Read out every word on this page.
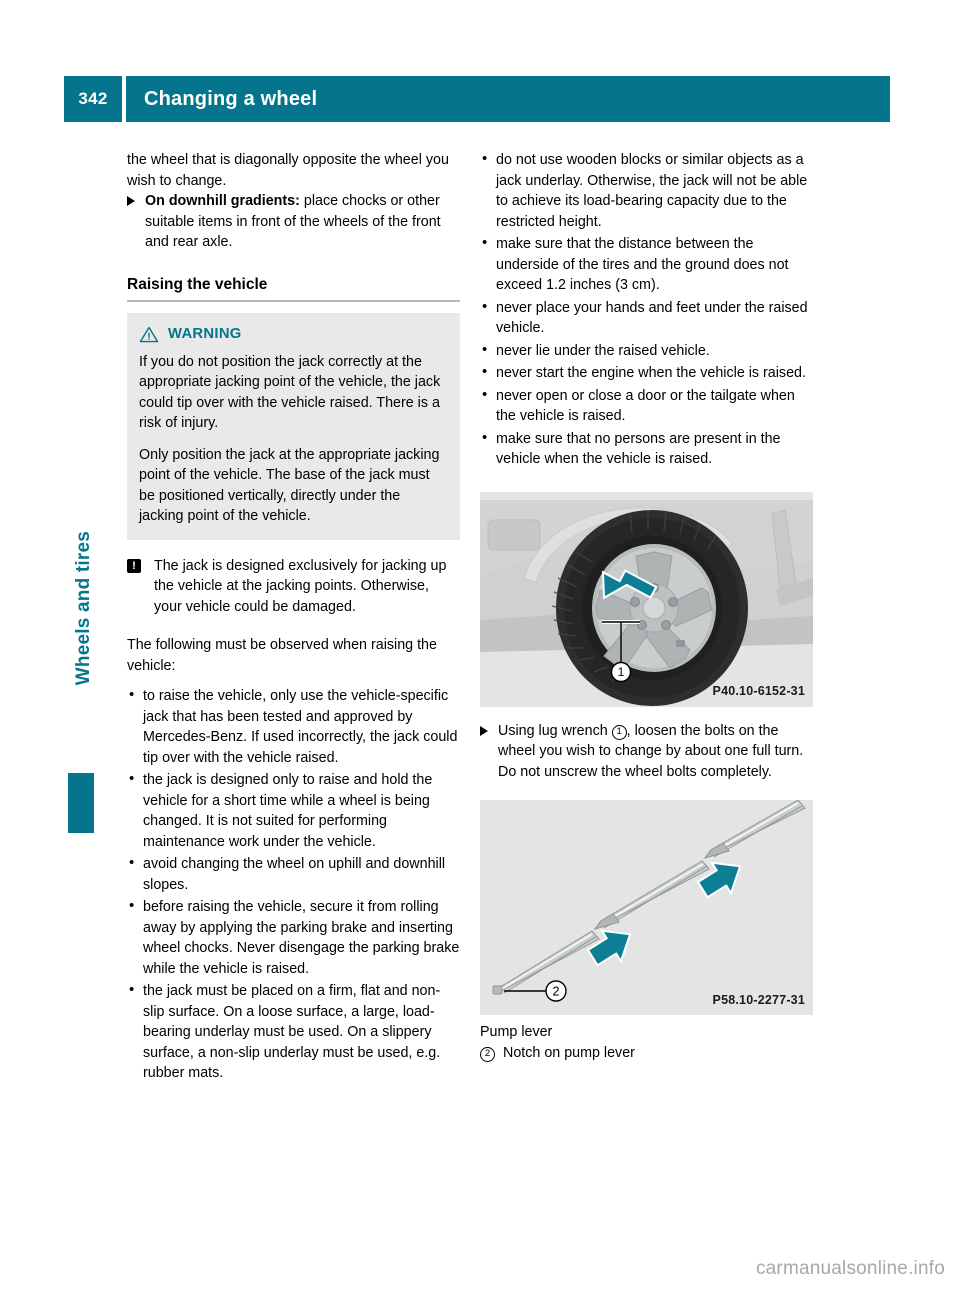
342	Changing a wheel
Wheels and tires

the wheel that is diagonally opposite the wheel you wish to change.

On downhill gradients: place chocks or other suitable items in front of the wheels of the front and rear axle.
Raising the vehicle
WARNING

If you do not position the jack correctly at the appropriate jacking point of the vehicle, the jack could tip over with the vehicle raised. There is a risk of injury.

Only position the jack at the appropriate jacking point of the vehicle. The base of the jack must be positioned vertically, directly under the jacking point of the vehicle.

!	The jack is designed exclusively for jacking up the vehicle at the jacking points. Otherwise, your vehicle could be damaged.

The following must be observed when raising the vehicle:

• to raise the vehicle, only use the vehicle-specific jack that has been tested and approved by Mercedes-Benz. If used incorrectly, the jack could tip over with the vehicle raised.
• the jack is designed only to raise and hold the vehicle for a short time while a wheel is being changed. It is not suited for performing maintenance work under the vehicle.
• avoid changing the wheel on uphill and downhill slopes.
• before raising the vehicle, secure it from rolling away by applying the parking brake and inserting wheel chocks. Never disengage the parking brake while the vehicle is raised.
• the jack must be placed on a firm, flat and non-slip surface. On a loose surface, a large, load-bearing underlay must be used. On a slippery surface, a non-slip underlay must be used, e.g. rubber mats.
• do not use wooden blocks or similar objects as a jack underlay. Otherwise, the jack will not be able to achieve its load-bearing capacity due to the restricted height.
• make sure that the distance between the underside of the tires and the ground does not exceed 1.2 inches (3 cm).
• never place your hands and feet under the raised vehicle.
• never lie under the raised vehicle.
• never start the engine when the vehicle is raised.
• never open or close a door or the tailgate when the vehicle is raised.
• make sure that no persons are present in the vehicle when the vehicle is raised.
1
P40.10-6152-31
Using lug wrench 1 , loosen the bolts on the wheel you wish to change by about one full turn. Do not unscrew the wheel bolts completely.
2
P58.10-2277-31
Pump lever
2 Notch on pump lever
carmanualsonline.info
